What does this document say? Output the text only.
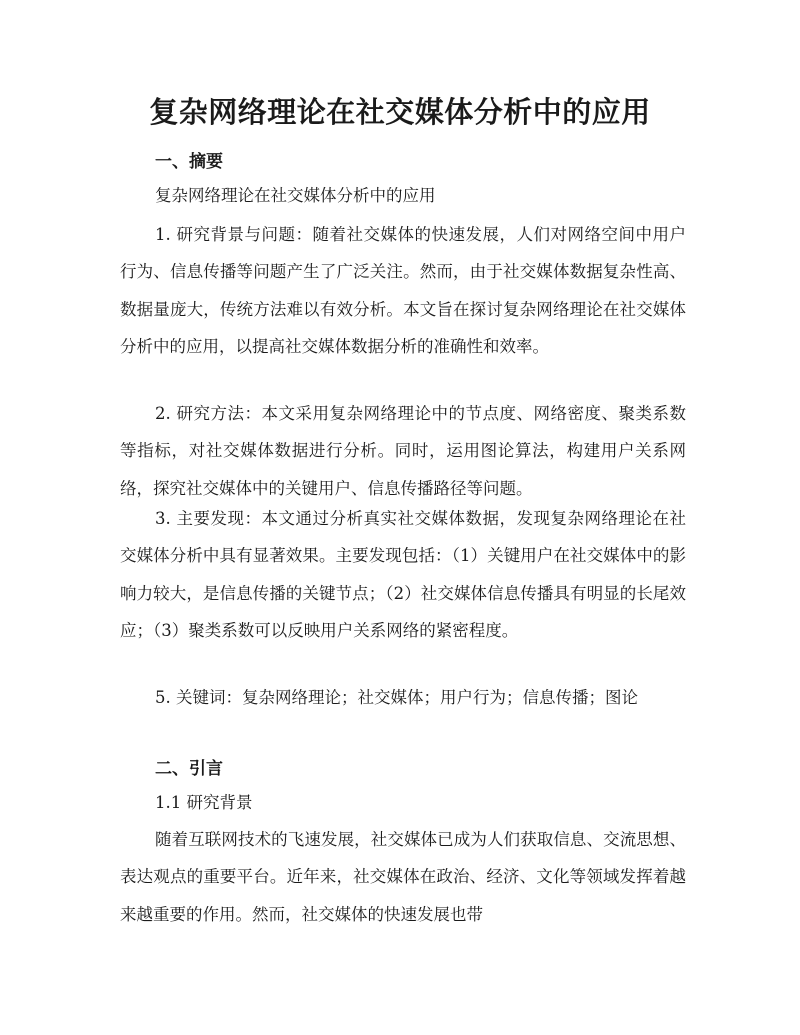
复杂网络理论在社交媒体分析中的应用
一、摘要
复杂网络理论在社交媒体分析中的应用

1. 研究背景与问题：随着社交媒体的快速发展，人们对网络空间中用户行为、信息传播等问题产生了广泛关注。然而，由于社交媒体数据复杂性高、数据量庞大，传统方法难以有效分析。本文旨在探讨复杂网络理论在社交媒体分析中的应用，以提高社交媒体数据分析的准确性和效率。

2. 研究方法：本文采用复杂网络理论中的节点度、网络密度、聚类系数等指标，对社交媒体数据进行分析。同时，运用图论算法，构建用户关系网络，探究社交媒体中的关键用户、信息传播路径等问题。

3. 主要发现：本文通过分析真实社交媒体数据，发现复杂网络理论在社交媒体分析中具有显著效果。主要发现包括：（1）关键用户在社交媒体中的影响力较大，是信息传播的关键节点；（2）社交媒体信息传播具有明显的长尾效应；（3）聚类系数可以反映用户关系网络的紧密程度。

5. 关键词：复杂网络理论；社交媒体；用户行为；信息传播；图论

二、引言
1.1 研究背景

随着互联网技术的飞速发展，社交媒体已成为人们获取信息、交流思想、表达观点的重要平台。近年来，社交媒体在政治、经济、文化等领域发挥着越来越重要的作用。然而，社交媒体的快速发展也带
